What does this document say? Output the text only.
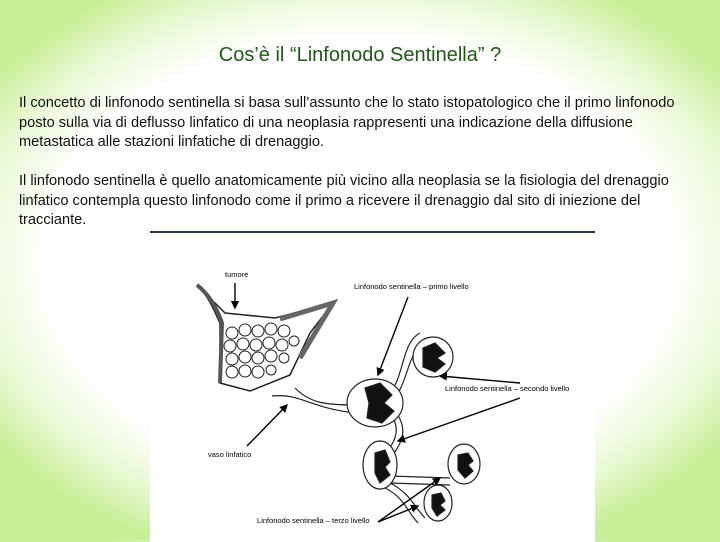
Cos’è il “Linfonodo Sentinella” ?
Il concetto di linfonodo sentinella si basa sull’assunto che lo stato istopatologico che il primo linfonodo posto sulla via di deflusso linfatico di una neoplasia rappresenti una indicazione della diffusione metastatica alle stazioni linfatiche di drenaggio.
Il linfonodo sentinella è quello anatomicamente più vicino alla neoplasia se la fisiologia del drenaggio linfatico contempla questo linfonodo come il primo a ricevere il drenaggio dal sito di iniezione del tracciante.
tumore
Linfonodo sentinella – primo livello
Linfonodo sentinella – secondo livello
vaso linfatico
Linfonodo sentinella – terzo livello
